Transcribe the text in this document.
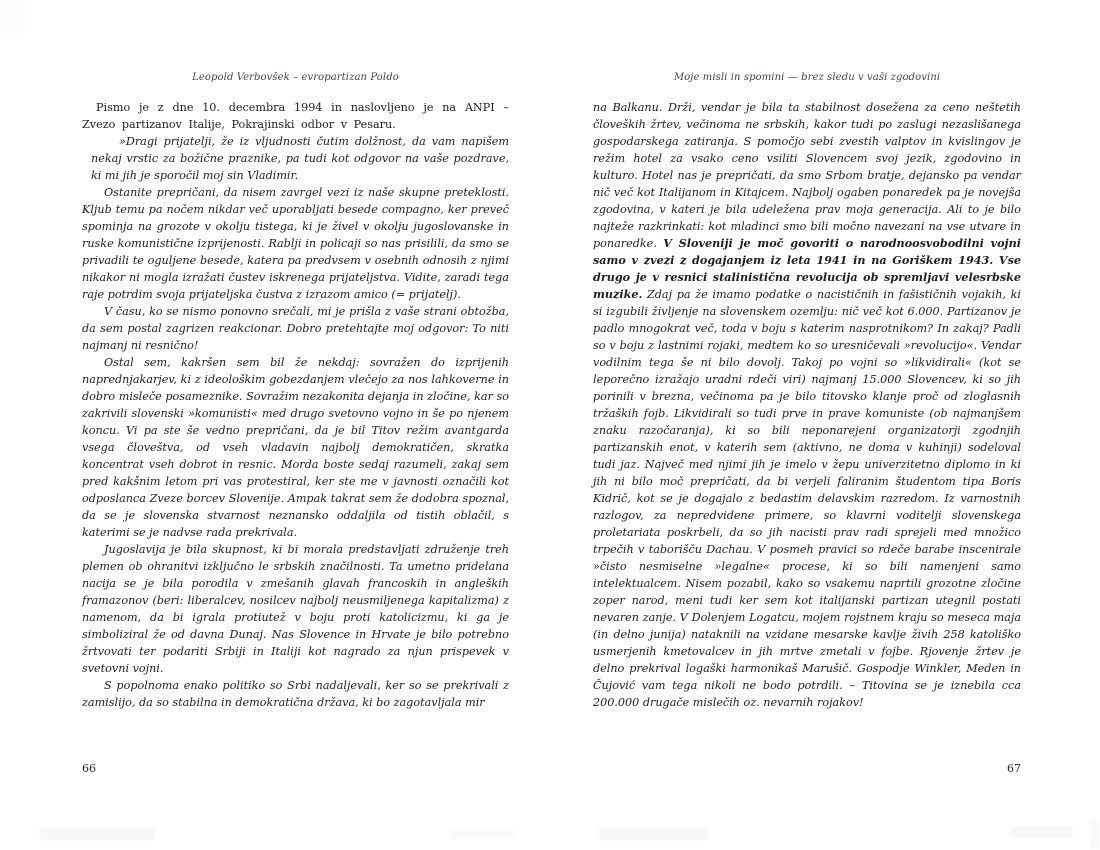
Leopold Verbovšek – evropartizan Poldo

Pismo je z dne 10. decembra 1994 in naslovljeno je na ANPI – Zvezo partizanov Italije, Pokrajinski odbor v Pesaru.

»Dragi prijatelji, že iz vljudnosti čutim dolžnost, da vam napišem nekaj vrstic za božične praznike, pa tudi kot odgovor na vaše pozdrave, ki mi jih je sporočil moj sin Vladimir.

Ostanite prepričani, da nisem zavrgel vezi iz naše skupne preteklosti. Kljub temu pa nočem nikdar več uporabljati besede compagno, ker preveč spominja na grozote v okolju tistega, ki je živel v okolju jugoslovanske in ruske komunistične izprijenosti. Rablji in policaji so nas prisilili, da smo se privadili te oguljene besede, katera pa predvsem v osebnih odnosih z njimi nikakor ni mogla izražati čustev iskrenega prijateljstva. Vidite, zaradi tega raje potrdim svoja prijateljska čustva z izrazom amico (= prijatelj).

V času, ko se nismo ponovno srečali, mi je prišla z vaše strani obtožba, da sem postal zagrizen reakcionar. Dobro pretehtajte moj odgovor: To niti najmanj ni resnično!

Ostal sem, kakršen sem bil že nekdaj: sovražen do izprijenih naprednjakarjev, ki z ideološkim gobezdanjem vlečejo za nos lahkoverne in dobro misleče posameznike. Sovražim nezakonita dejanja in zločine, kar so zakrivili slovenski »komunisti« med drugo svetovno vojno in še po njenem koncu. Vi pa ste še vedno prepričani, da je bil Titov režim avantgarda vsega človeštva, od vseh vladavin najbolj demokratičen, skratka koncentrat vseh dobrot in resnic. Morda boste sedaj razumeli, zakaj sem pred kakšnim letom pri vas protestiral, ker ste me v javnosti označili kot odposlanca Zveze borcev Slovenije. Ampak takrat sem že dodobra spoznal, da se je slovenska stvarnost neznansko oddaljila od tistih oblačil, s katerimi se je nadvse rada prekrivala.

Jugoslavija je bila skupnost, ki bi morala predstavljati združenje treh plemen ob ohranitvi izključno le srbskih značilnosti. Ta umetno pridelana nacija se je bila porodila v zmešanih glavah francoskih in angleških framazonov (beri: liberalcev, nosilcev najbolj neusmiljenega kapitalizma) z namenom, da bi igrala protiutež v boju proti katolicizmu, ki ga je simboliziral že od davna Dunaj. Nas Slovence in Hrvate je bilo potrebno žrtvovati ter podariti Srbiji in Italiji kot nagrado za njun prispevek v svetovni vojni.

S popolnoma enako politiko so Srbi nadaljevali, ker so se prekrivali z zamislijo, da so stabilna in demokratična država, ki bo zagotavljala mir

Moje misli in spomini — brez sledu v vaši zgodovini

na Balkanu. Drži, vendar je bila ta stabilnost dosežena za ceno neštetih človeških žrtev, večinoma ne srbskih, kakor tudi po zaslugi nezaslišanega gospodarskega zatiranja. S pomočjo sebi zvestih valptov in kvislingov je režim hotel za vsako ceno vsiliti Slovencem svoj jezik, zgodovino in kulturo. Hotel nas je prepričati, da smo Srbom bratje, dejansko pa vendar nič več kot Italijanom in Kitajcem. Najbolj ogaben ponaredek pa je novejša zgodovina, v kateri je bila udeležena prav moja generacija. Ali to je bilo najteže razkrinkati: kot mladinci smo bili močno navezani na vse utvare in ponaredke. V Sloveniji je moč govoriti o narodnoosvobodilni vojni samo v zvezi z dogajanjem iz leta 1941 in na Goriškem 1943. Vse drugo je v resnici stalinistična revolucija ob spremljavi velesrbske muzike. Zdaj pa že imamo podatke o nacističnih in fašističnih vojakih, ki si izgubili življenje na slovenskem ozemlju: nič več kot 6.000. Partizanov je padlo mnogokrat več, toda v boju s katerim nasprotnikom? In zakaj? Padli so v boju z lastnimi rojaki, medtem ko so uresničevali »revolucijo«. Vendar vodilnim tega še ni bilo dovolj. Takoj po vojni so »likvidirali« (kot se leporečno izražajo uradni rdeči viri) najmanj 15.000 Slovencev, ki so jih porinili v brezna, večinoma pa je bilo titovsko klanje proč od zloglasnih tržaških fojb. Likvidirali so tudi prve in prave komuniste (ob najmanjšem znaku razočaranja), ki so bili neponarejeni organizatorji zgodnjih partizanskih enot, v katerih sem (aktivno, ne doma v kuhinji) sodeloval tudi jaz. Največ med njimi jih je imelo v žepu univerzitetno diplomo in ki jih ni bilo moč prepričati, da bi verjeli faliranim študentom tipa Boris Kidrič, kot se je dogajalo z bedastim delavskim razredom. Iz varnostnih razlogov, za nepredvidene primere, so klavrni voditelji slovenskega proletariata poskrbeli, da so jih nacisti prav radi sprejeli med množico trpečih v taborišču Dachau. V posmeh pravici so rdeče barabe inscenirale »čisto nesmiselne »legalne« procese, ki so bili namenjeni samo intelektualcem. Nisem pozabil, kako so vsakemu naprtili grozotne zločine zoper narod, meni tudi ker sem kot italijanski partizan utegnil postati nevaren zanje. V Dolenjem Logatcu, mojem rojstnem kraju so meseca maja (in delno junija) nataknili na vzidane mesarske kavlje živih 258 katoliško usmerjenih kmetovalcev in jih mrtve zmetali v fojbe. Rjovenje žrtev je delno prekrival logaški harmonikaš Marušič. Gospodje Winkler, Meden in Čujović vam tega nikoli ne bodo potrdili. – Titovina se je iznebila cca 200.000 drugače mislečih oz. nevarnih rojakov!

66	67
